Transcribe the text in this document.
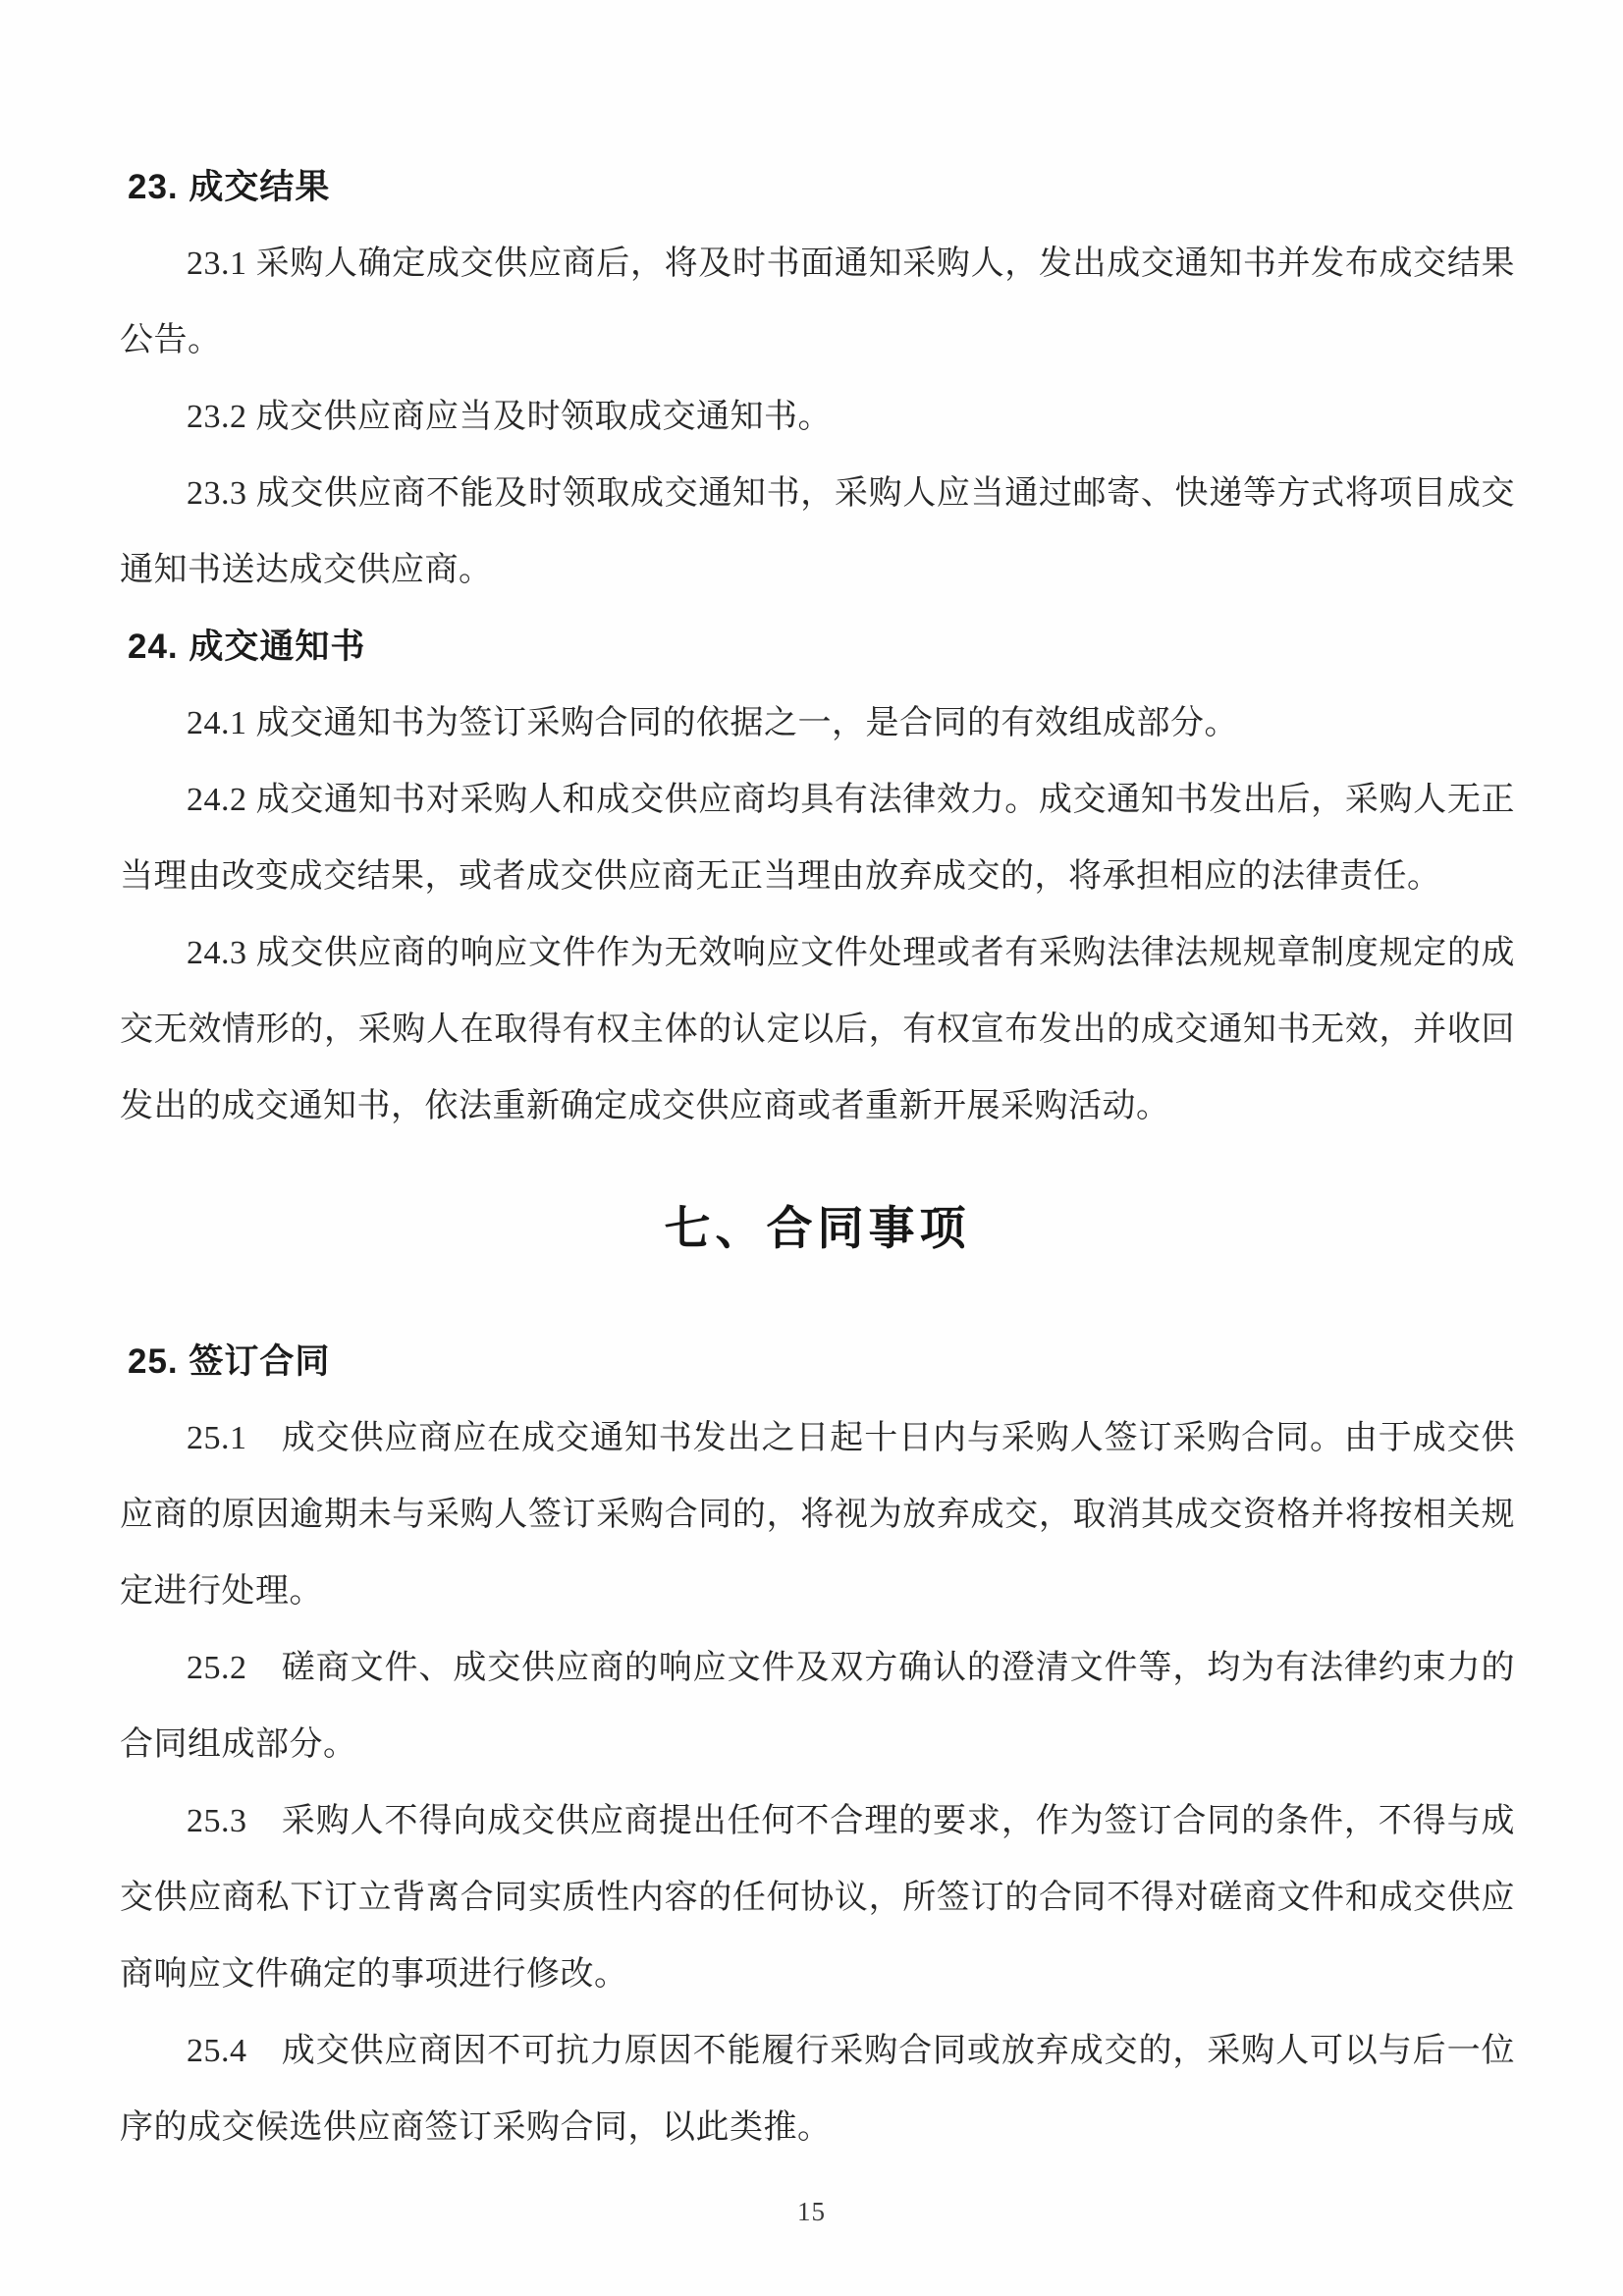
23. 成交结果

23.1 采购人确定成交供应商后，将及时书面通知采购人，发出成交通知书并发布成交结果公告。

23.2 成交供应商应当及时领取成交通知书。

23.3 成交供应商不能及时领取成交通知书，采购人应当通过邮寄、快递等方式将项目成交通知书送达成交供应商。

24. 成交通知书

24.1 成交通知书为签订采购合同的依据之一，是合同的有效组成部分。

24.2 成交通知书对采购人和成交供应商均具有法律效力。成交通知书发出后，采购人无正当理由改变成交结果，或者成交供应商无正当理由放弃成交的，将承担相应的法律责任。

24.3 成交供应商的响应文件作为无效响应文件处理或者有采购法律法规规章制度规定的成交无效情形的，采购人在取得有权主体的认定以后，有权宣布发出的成交通知书无效，并收回发出的成交通知书，依法重新确定成交供应商或者重新开展采购活动。

七、合同事项
25. 签订合同

25.1　成交供应商应在成交通知书发出之日起十日内与采购人签订采购合同。由于成交供应商的原因逾期未与采购人签订采购合同的，将视为放弃成交，取消其成交资格并将按相关规定进行处理。

25.2　磋商文件、成交供应商的响应文件及双方确认的澄清文件等，均为有法律约束力的合同组成部分。

25.3　采购人不得向成交供应商提出任何不合理的要求，作为签订合同的条件，不得与成交供应商私下订立背离合同实质性内容的任何协议，所签订的合同不得对磋商文件和成交供应商响应文件确定的事项进行修改。

25.4　成交供应商因不可抗力原因不能履行采购合同或放弃成交的，采购人可以与后一位序的成交候选供应商签订采购合同，以此类推。

15
